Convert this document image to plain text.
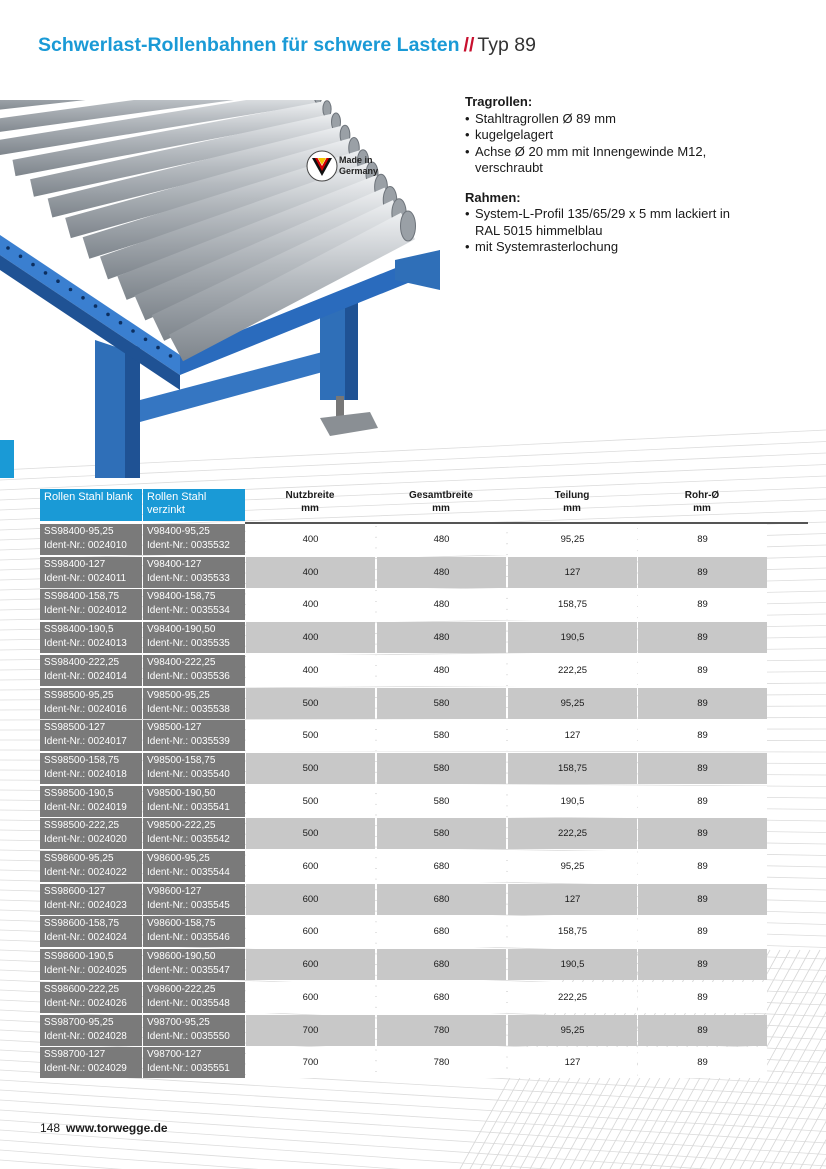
Schwerlast-Rollenbahnen für schwere Lasten // Typ 89
Made in
Germany
Tragrollen:
• Stahltragrollen Ø 89 mm
• kugelgelagert
• Achse Ø 20 mm mit Innengewinde M12,
verschraubt
Rahmen:
• System-L-Profil 135/65/29 x 5 mm lackiert in
RAL 5015 himmelblau
• mit Systemrasterlochung
Rollen Stahl blank	Rollen Stahl
verzinkt
Nutzbreite
mm
Gesamtbreite
mm
Teilung
mm
Rohr-Ø
mm
SS98400-95,25
Ident-Nr.: 0024010
V98400-95,25
Ident-Nr.: 0035532
400	480	95,25	89
SS98400-127
Ident-Nr.: 0024011
V98400-127
Ident-Nr.: 0035533
400	480	127	89
SS98400-158,75
Ident-Nr.: 0024012
V98400-158,75
Ident-Nr.: 0035534
400	480	158,75	89
SS98400-190,5
Ident-Nr.: 0024013
V98400-190,50
Ident-Nr.: 0035535
400	480	190,5	89
SS98400-222,25
Ident-Nr.: 0024014
V98400-222,25
Ident-Nr.: 0035536
400	480	222,25	89
SS98500-95,25
Ident-Nr.: 0024016
V98500-95,25
Ident-Nr.: 0035538
500	580	95,25	89
SS98500-127
Ident-Nr.: 0024017
V98500-127
Ident-Nr.: 0035539
500	580	127	89
SS98500-158,75
Ident-Nr.: 0024018
V98500-158,75
Ident-Nr.: 0035540
500	580	158,75	89
SS98500-190,5
Ident-Nr.: 0024019
V98500-190,50
Ident-Nr.: 0035541
500	580	190,5	89
SS98500-222,25
Ident-Nr.: 0024020
V98500-222,25
Ident-Nr.: 0035542
500	580	222,25	89
SS98600-95,25
Ident-Nr.: 0024022
V98600-95,25
Ident-Nr.: 0035544
600	680	95,25	89
SS98600-127
Ident-Nr.: 0024023
V98600-127
Ident-Nr.: 0035545
600	680	127	89
SS98600-158,75
Ident-Nr.: 0024024
V98600-158,75
Ident-Nr.: 0035546
600	680	158,75	89
SS98600-190,5
Ident-Nr.: 0024025
V98600-190,50
Ident-Nr.: 0035547
600	680	190,5	89
SS98600-222,25
Ident-Nr.: 0024026
V98600-222,25
Ident-Nr.: 0035548
600	680	222,25	89
SS98700-95,25
Ident-Nr.: 0024028
V98700-95,25
Ident-Nr.: 0035550
700	780	95,25	89
SS98700-127
Ident-Nr.: 0024029
V98700-127
Ident-Nr.: 0035551
700	780	127	89
148 www.torwegge.de
